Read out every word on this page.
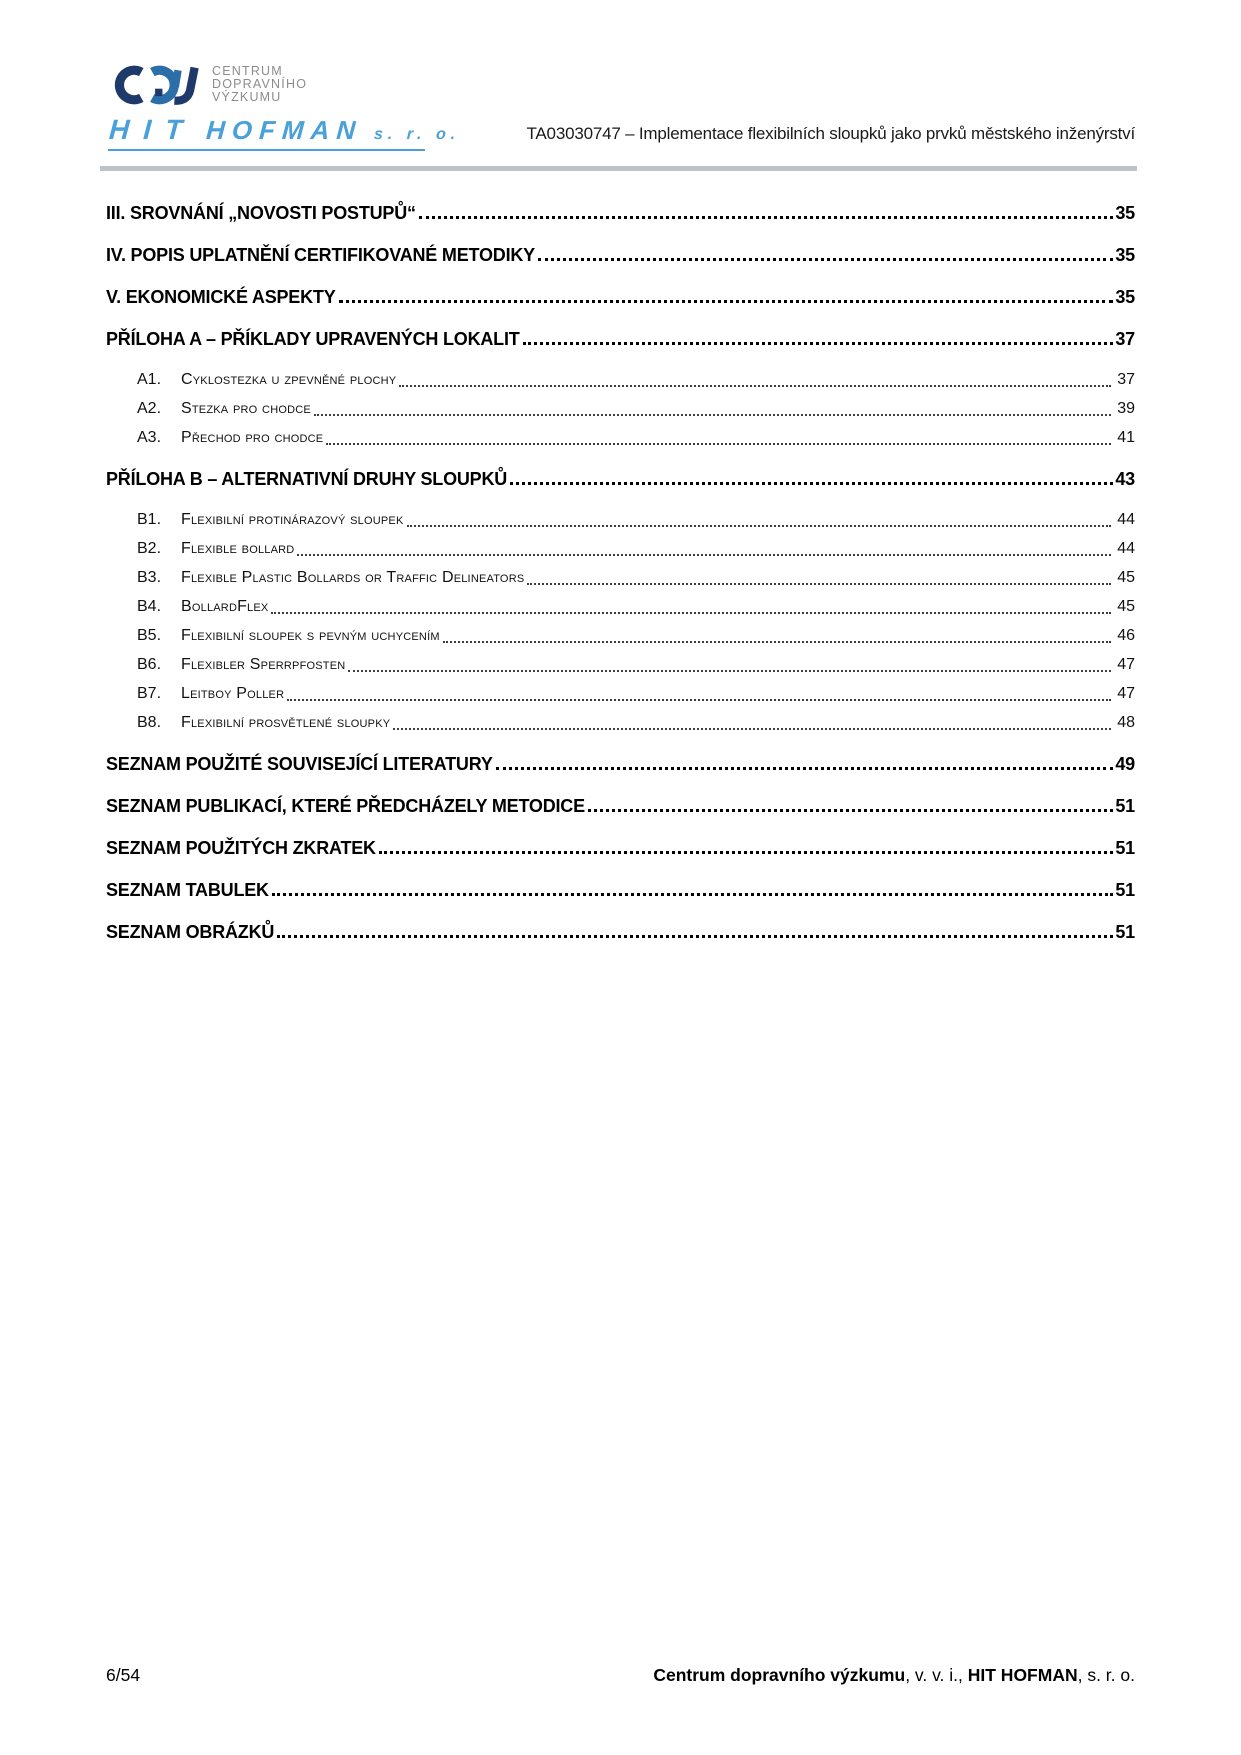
CENTRUM
DOPRAVNÍHO
VÝZKUMU
HIT HOFMAN s. r. o.	TA03030747 – Implementace flexibilních sloupků jako prvků městského inženýrství
III. SROVNÁNÍ „NOVOSTI POSTUPŮ“	35
IV. POPIS UPLATNĚNÍ CERTIFIKOVANÉ METODIKY	35
V. EKONOMICKÉ ASPEKTY	35
PŘÍLOHA A – PŘÍKLADY UPRAVENÝCH LOKALIT	37
A1.	Cyklostezka u zpevněné plochy	37
A2.	Stezka pro chodce	39
A3.	Přechod pro chodce	41
PŘÍLOHA B – ALTERNATIVNÍ DRUHY SLOUPKŮ	43
B1.	Flexibilní protinárazový sloupek	44
B2.	Flexible bollard	44
B3.	Flexible Plastic Bollards or Traffic Delineators	45
B4.	BollardFlex	45
B5.	Flexibilní sloupek s pevným uchycením	46
B6.	Flexibler Sperrpfosten	47
B7.	Leitboy Poller	47
B8.	Flexibilní prosvětlené sloupky	48
SEZNAM POUŽITÉ SOUVISEJÍCÍ LITERATURY	49
SEZNAM PUBLIKACÍ, KTERÉ PŘEDCHÁZELY METODICE	51
SEZNAM POUŽITÝCH ZKRATEK	51
SEZNAM TABULEK	51
SEZNAM OBRÁZKŮ	51
6/54	Centrum dopravního výzkumu, v. v. i., HIT HOFMAN, s. r. o.
